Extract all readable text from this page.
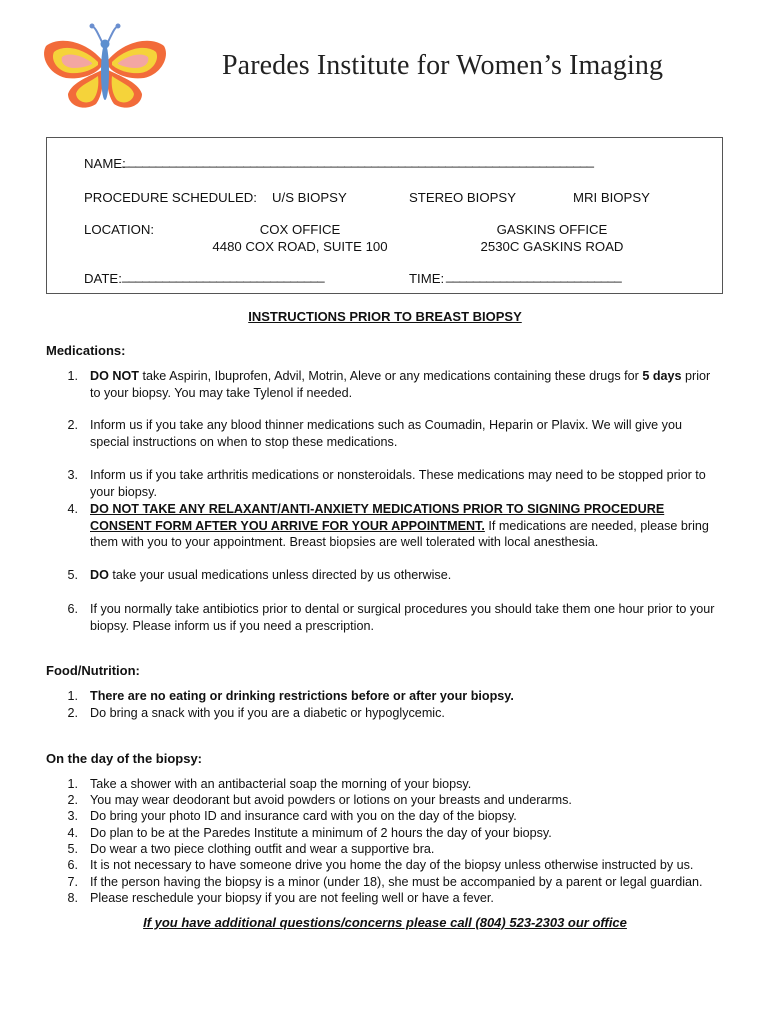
Paredes Institute for Women’s Imaging
NAME:
______________________________________________________________________
PROCEDURE SCHEDULED: U/S BIOPSY	STEREO BIOPSY	MRI BIOPSY
LOCATION:	COX OFFICE
4480 COX ROAD, SUITE 100
GASKINS OFFICE
2530C GASKINS ROAD
DATE: ______________________________	TIME: __________________________
INSTRUCTIONS PRIOR TO BREAST BIOPSY
Medications:
1. DO NOT take Aspirin, Ibuprofen, Advil, Motrin, Aleve or any medications containing these drugs for 5 days prior to your biopsy. You may take Tylenol if needed.
2. Inform us if you take any blood thinner medications such as Coumadin, Heparin or Plavix. We will give you special instructions on when to stop these medications.
3. Inform us if you take arthritis medications or nonsteroidals. These medications may need to be stopped prior to your biopsy.
4. DO NOT TAKE ANY RELAXANT/ANTI-ANXIETY MEDICATIONS PRIOR TO SIGNING PROCEDURE CONSENT FORM AFTER YOU ARRIVE FOR YOUR APPOINTMENT. If medications are needed, please bring them with you to your appointment. Breast biopsies are well tolerated with local anesthesia.
5. DO take your usual medications unless directed by us otherwise.
6. If you normally take antibiotics prior to dental or surgical procedures you should take them one hour prior to your biopsy. Please inform us if you need a prescription.
Food/Nutrition:
1. There are no eating or drinking restrictions before or after your biopsy.
2. Do bring a snack with you if you are a diabetic or hypoglycemic.
On the day of the biopsy:
1. Take a shower with an antibacterial soap the morning of your biopsy.
2. You may wear deodorant but avoid powders or lotions on your breasts and underarms.
3. Do bring your photo ID and insurance card with you on the day of the biopsy.
4. Do plan to be at the Paredes Institute a minimum of 2 hours the day of your biopsy.
5. Do wear a two piece clothing outfit and wear a supportive bra.
6. It is not necessary to have someone drive you home the day of the biopsy unless otherwise instructed by us.
7. If the person having the biopsy is a minor (under 18), she must be accompanied by a parent or legal guardian.
8. Please reschedule your biopsy if you are not feeling well or have a fever.
If you have additional questions/concerns please call (804) 523-2303 our office
